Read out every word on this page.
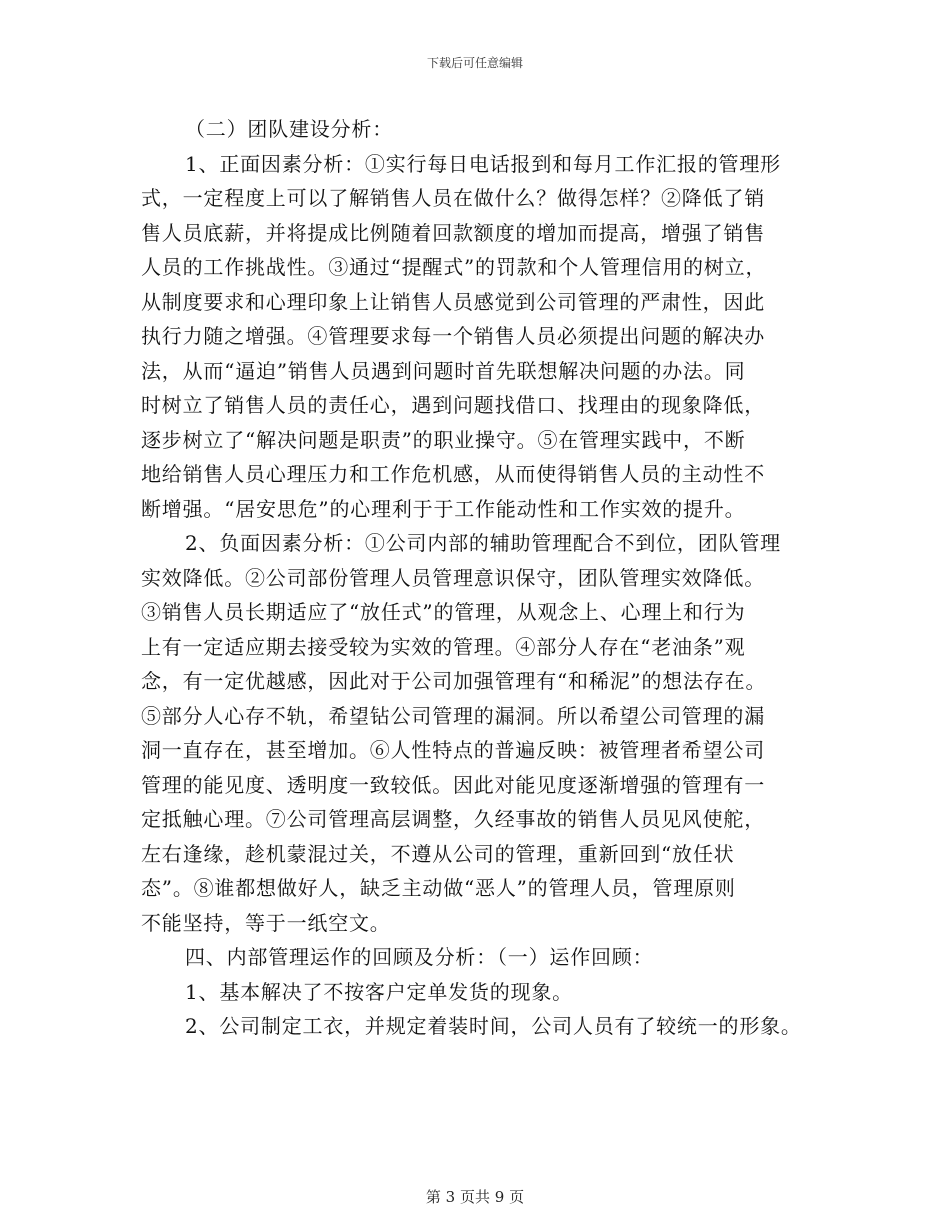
下载后可任意编辑
（二）团队建设分析：
1、正面因素分析：①实行每日电话报到和每月工作汇报的管理形
式，一定程度上可以了解销售人员在做什么？做得怎样？②降低了销
售人员底薪，并将提成比例随着回款额度的增加而提高，增强了销售
人员的工作挑战性。③通过“提醒式”的罚款和个人管理信用的树立，
从制度要求和心理印象上让销售人员感觉到公司管理的严肃性，因此
执行力随之增强。④管理要求每一个销售人员必须提出问题的解决办
法，从而“逼迫”销售人员遇到问题时首先联想解决问题的办法。同
时树立了销售人员的责任心，遇到问题找借口、找理由的现象降低，
逐步树立了“解决问题是职责”的职业操守。⑤在管理实践中，不断
地给销售人员心理压力和工作危机感，从而使得销售人员的主动性不
断增强。“居安思危”的心理利于于工作能动性和工作实效的提升。
2、负面因素分析：①公司内部的辅助管理配合不到位，团队管理
实效降低。②公司部份管理人员管理意识保守，团队管理实效降低。
③销售人员长期适应了“放任式”的管理，从观念上、心理上和行为
上有一定适应期去接受较为实效的管理。④部分人存在“老油条”观
念，有一定优越感，因此对于公司加强管理有“和稀泥”的想法存在。
⑤部分人心存不轨，希望钻公司管理的漏洞。所以希望公司管理的漏
洞一直存在，甚至增加。⑥人性特点的普遍反映：被管理者希望公司
管理的能见度、透明度一致较低。因此对能见度逐渐增强的管理有一
定抵触心理。⑦公司管理高层调整，久经事故的销售人员见风使舵，
左右逢缘，趁机蒙混过关，不遵从公司的管理，重新回到“放任状
态”。⑧谁都想做好人，缺乏主动做“恶人”的管理人员，管理原则
不能坚持，等于一纸空文。
四、内部管理运作的回顾及分析：（一）运作回顾：
1、基本解决了不按客户定单发货的现象。
2、公司制定工衣，并规定着装时间，公司人员有了较统一的形象。
第 3 页共 9 页
